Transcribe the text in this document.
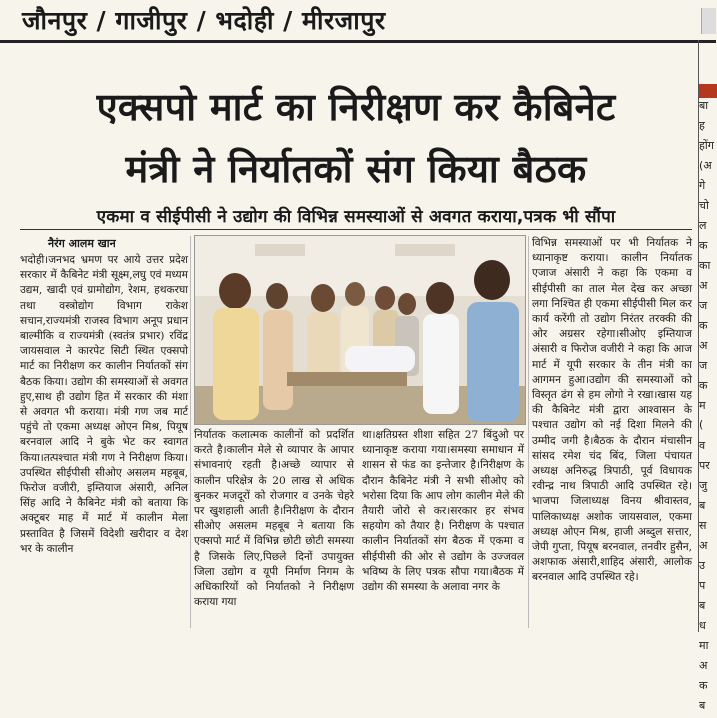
जौनपुर / गाजीपुर / भदोही / मीरजापुर
एक्सपो मार्ट का निरीक्षण कर कैबिनेट
मंत्री ने निर्यातकों संग किया बैठक
एकमा व सीईपीसी ने उद्योग की विभिन्न समस्याओं से अवगत कराया,पत्रक भी सौंपा
नैरंग आलम खान
भदोही।जनभद भ्रमण पर आये उत्तर प्रदेश सरकार में कैबिनेट मंत्री सूक्ष्म,लघु एवं मध्यम उद्यम, खादी एवं ग्रामोद्योग, रेशम, हथकरघा तथा वस्त्रोद्योग विभाग राकेश सचान,राज्यमंत्री राजस्व विभाग अनूप प्रधान बाल्मीकि व राज्यमंत्री (स्वतंत्र प्रभार) रविंद्र जायसवाल ने कारपेट सिटी स्थित एक्सपो मार्ट का निरीक्षण कर कालीन निर्यातकों संग बैठक किया। उद्योग की समस्याओं से अवगत हुए,साथ ही उद्योग हित में सरकार की मंशा से अवगत भी कराया। मंत्री गण जब मार्ट पहुंचे तो एकमा अध्यक्ष ओएन मिश्र, पियूष बरनवाल आदि ने बुके भेट कर स्वागत किया।तत्पश्चात मंत्री गण ने निरीक्षण किया।उपस्थित सीईपीसी सीओए असलम महबूब, फिरोज वजीरी, इम्तियाज अंसारी, अनिल सिंह आदि ने कैबिनेट मंत्री को बताया कि अक्टूबर माह में मार्ट में कालीन मेला प्रस्तावित है जिसमें विदेशी खरीदार व देश भर के कालीन
निर्यातक कलात्मक कालीनों को प्रदर्शित करते है।कालीन मेले से व्यापार के आपार संभावनाएं रहती है।अच्छे व्यापार से कालीन परिक्षेत्र के 20 लाख से अधिक बुनकर मजदूरों को रोजगार व उनके चेहरे पर खुशहाली आती है।निरीक्षण के दौरान सीओए असलम महबूब ने बताया कि एक्सपो मार्ट में विभिन्न छोटी छोटी समस्या है जिसके लिए,पिछले दिनों उपायुक्त जिला उद्योग व यूपी निर्माण निगम के अधिकारियों को निर्यातको ने निरीक्षण कराया गया
था।क्षतिग्रस्त शीशा सहित 27 बिंदुओ पर ध्यानाकृष्ट कराया गया।समस्या समाधान में शासन से फंड का इन्तेजार है।निरीक्षण के दौरान कैबिनेट मंत्री ने सभी सीओए को भरोसा दिया कि आप लोग कालीन मेले की तैयारी जोरो से कर।सरकार हर संभव सहयोग को तैयार है। निरीक्षण के पश्चात कालीन निर्यातकों संग बैठक में एकमा व सीईपीसी की ओर से उद्योग के उज्जवल भविष्य के लिए पत्रक सौपा गया।बैठक में उद्योग की समस्या के अलावा नगर के
विभिन्न समस्याओं पर भी निर्यातक ने ध्यानाकृष्ट कराया। कालीन निर्यातक एजाज अंसारी ने कहा कि एकमा व सीईपीसी का ताल मेल देख कर अच्छा लगा निश्चित ही एकमा सीईपीसी मिल कर कार्य करेंगी तो उद्योग निरंतर तरक्की की ओर अग्रसर रहेगा।सीओए इम्तियाज अंसारी व फिरोज वजीरी ने कहा कि आज मार्ट में यूपी सरकार के तीन मंत्री का आगमन हुआ।उद्योग की समस्याओं को विस्तृत ढंग से हम लोगो ने रखा।खास यह की कैबिनेट मंत्री द्वारा आश्वासन के पश्चात उद्योग को नई दिशा मिलने की उम्मीद जगी है।बैठक के दौरान मंचासीन सांसद रमेश चंद बिंद, जिला पंचायत अध्यक्ष अनिरुद्ध त्रिपाठी, पूर्व विधायक रवीन्द्र नाथ त्रिपाठी आदि उपस्थित रहे।भाजपा जिलाध्यक्ष विनय श्रीवास्तव, पालिकाध्यक्ष अशोक जायसवाल, एकमा अध्यक्ष ओएन मिश्र, हाजी अब्दुल सत्तार, जेपी गुप्ता, पियूष बरनवाल, तनवीर हुसैन, अशफाक अंसारी,शाहिद अंसारी, आलोक बरनवाल आदि उपस्थित रहे।
बा
ह
होंग
(अ
गे
चो
ल
क
का
अ
ज
क
अ
ज
क
म
(
व
पर
जु
ब
स
अ
उ
प
ब
ध
मा
अ
क
ब
